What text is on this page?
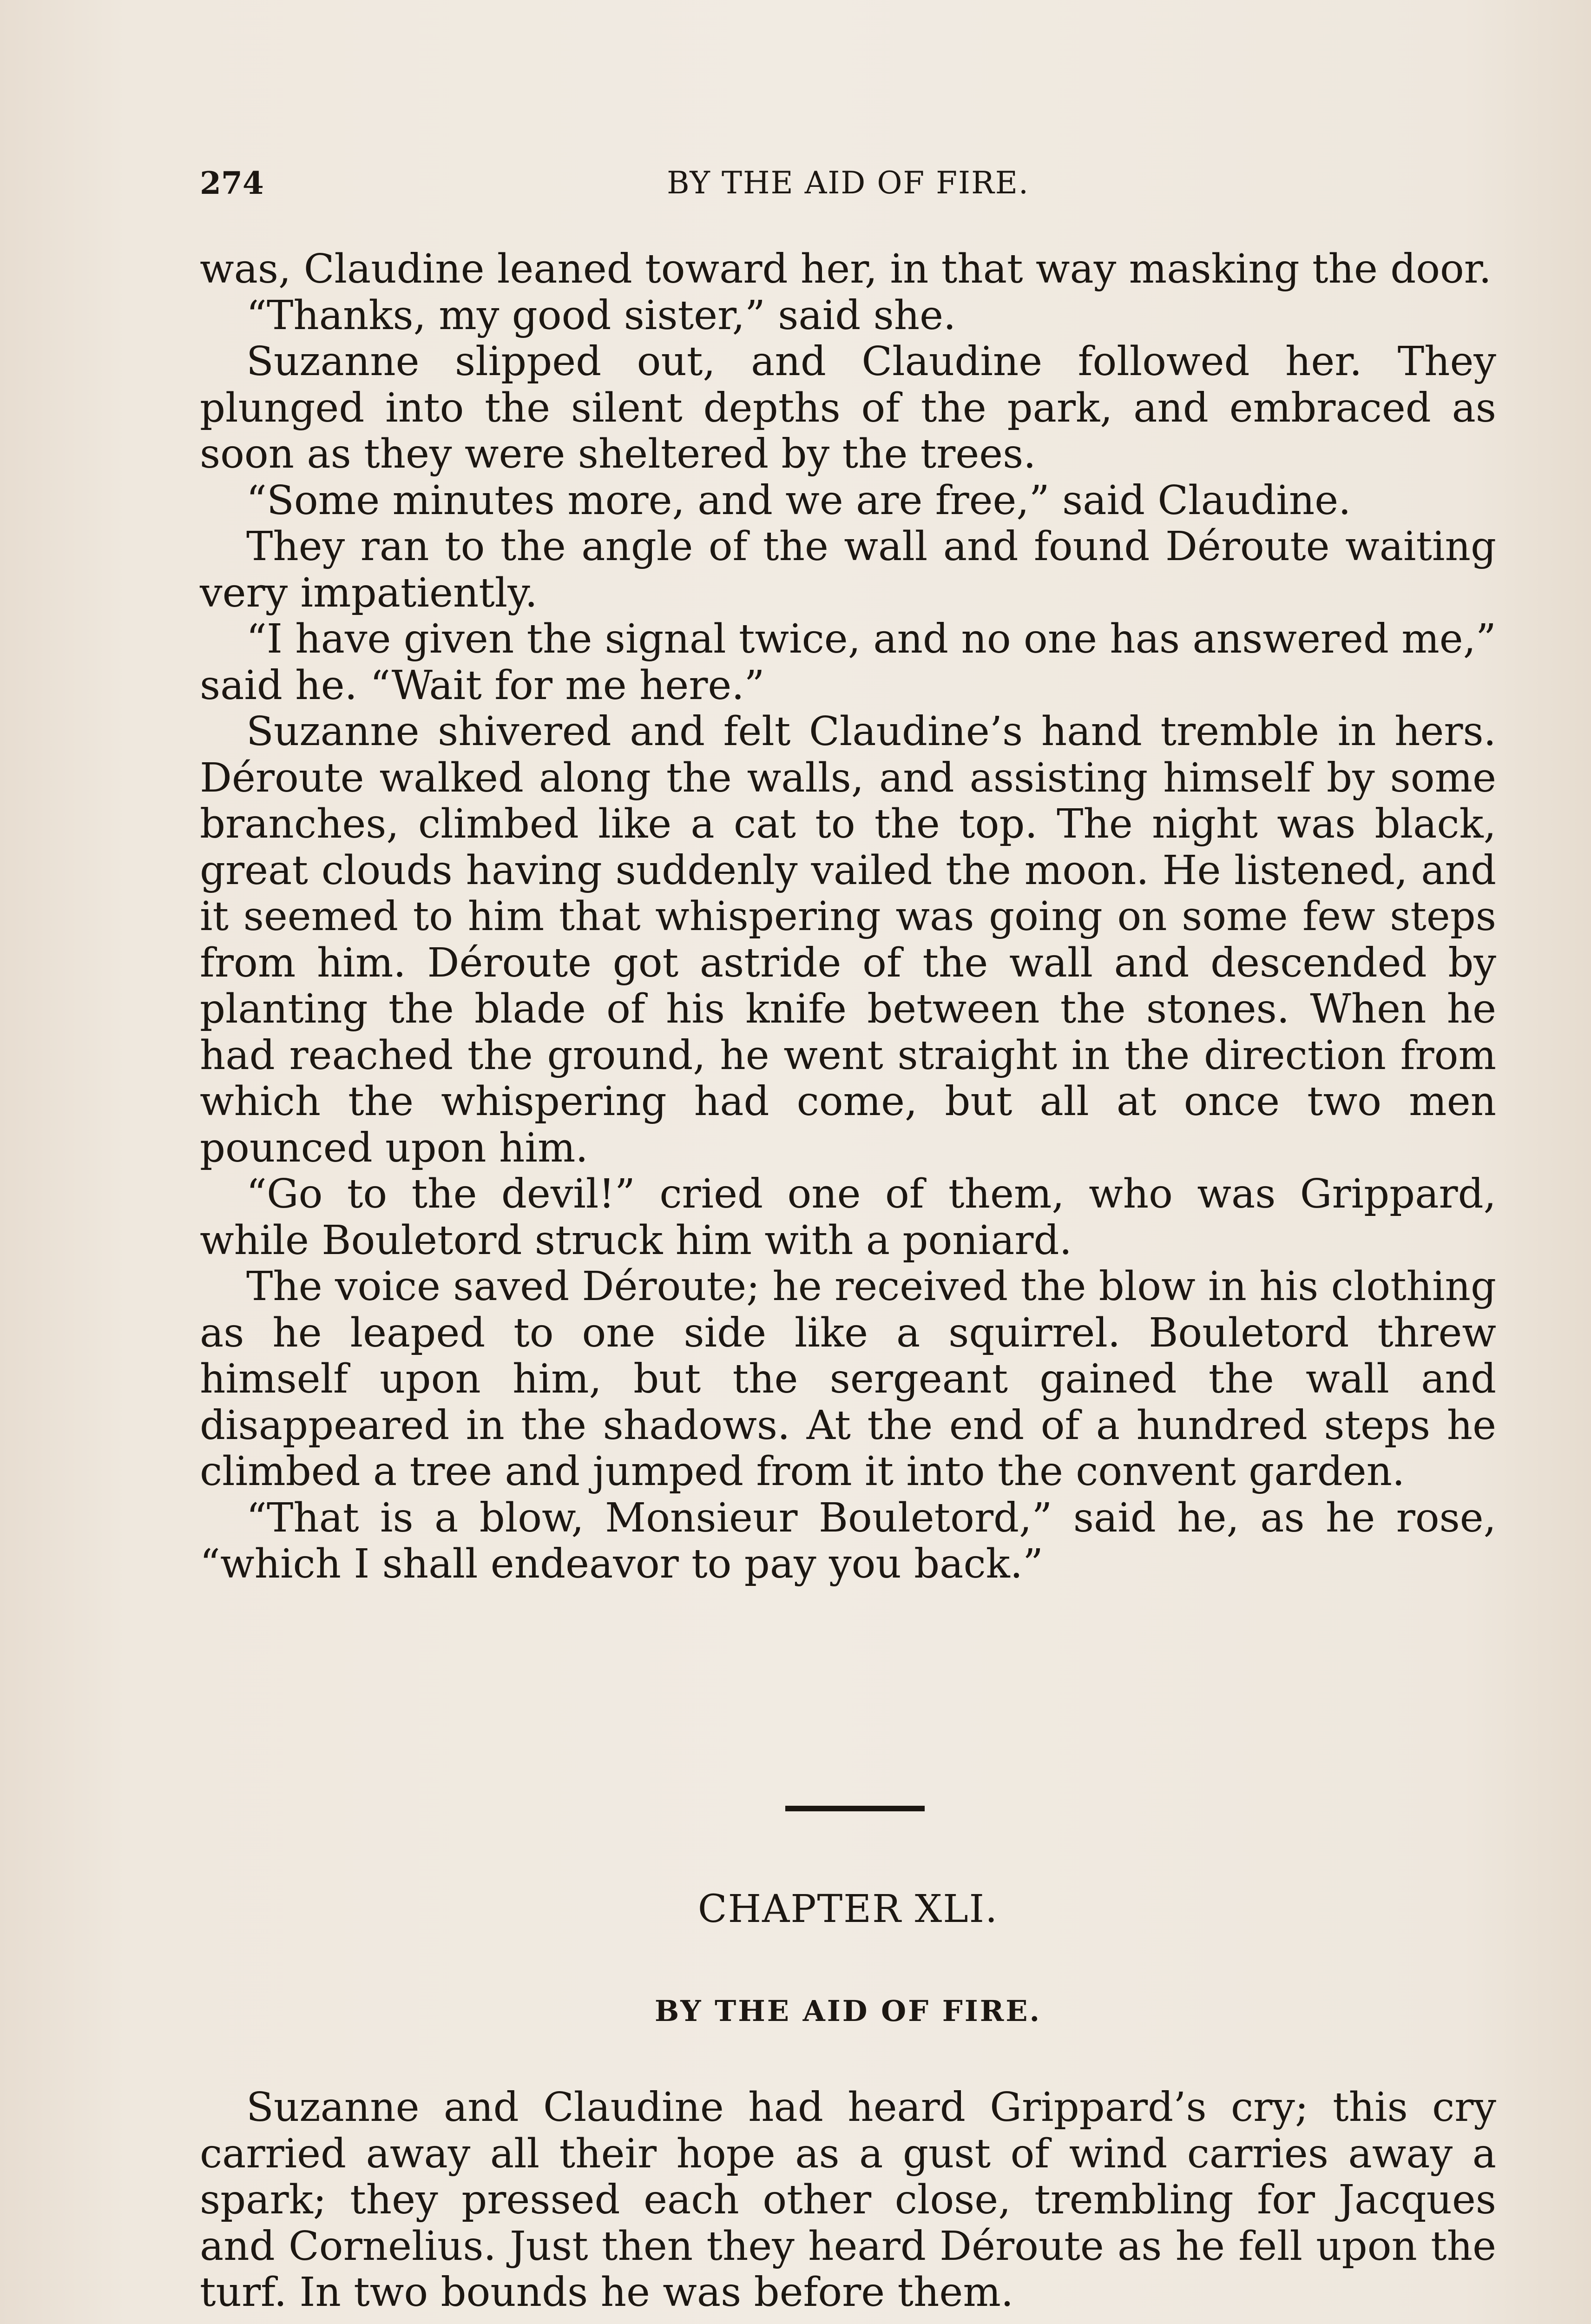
274	BY THE AID OF FIRE.

was, Claudine leaned toward her, in that way masking the door.

“Thanks, my good sister,” said she.

Suzanne slipped out, and Claudine followed her. They plunged into the silent depths of the park, and embraced as soon as they were sheltered by the trees.

“Some minutes more, and we are free,” said Claudine.

They ran to the angle of the wall and found Déroute waiting very impatiently.

“I have given the signal twice, and no one has answered me,” said he. “Wait for me here.”

Suzanne shivered and felt Claudine’s hand tremble in hers. Déroute walked along the walls, and assisting himself by some branches, climbed like a cat to the top. The night was black, great clouds having suddenly vailed the moon. He listened, and it seemed to him that whispering was going on some few steps from him. Déroute got astride of the wall and descended by planting the blade of his knife between the stones. When he had reached the ground, he went straight in the direction from which the whispering had come, but all at once two men pounced upon him.

“Go to the devil!” cried one of them, who was Grippard, while Bouletord struck him with a poniard.

The voice saved Déroute; he received the blow in his clothing as he leaped to one side like a squirrel. Bouletord threw himself upon him, but the sergeant gained the wall and disappeared in the shadows. At the end of a hundred steps he climbed a tree and jumped from it into the convent garden.

“That is a blow, Monsieur Bouletord,” said he, as he rose, “which I shall endeavor to pay you back.”

CHAPTER XLI.
BY THE AID OF FIRE.

Suzanne and Claudine had heard Grippard’s cry; this cry carried away all their hope as a gust of wind carries away a spark; they pressed each other close, trembling for Jacques and Cornelius. Just then they heard Déroute as he fell upon the turf. In two bounds he was before them.
